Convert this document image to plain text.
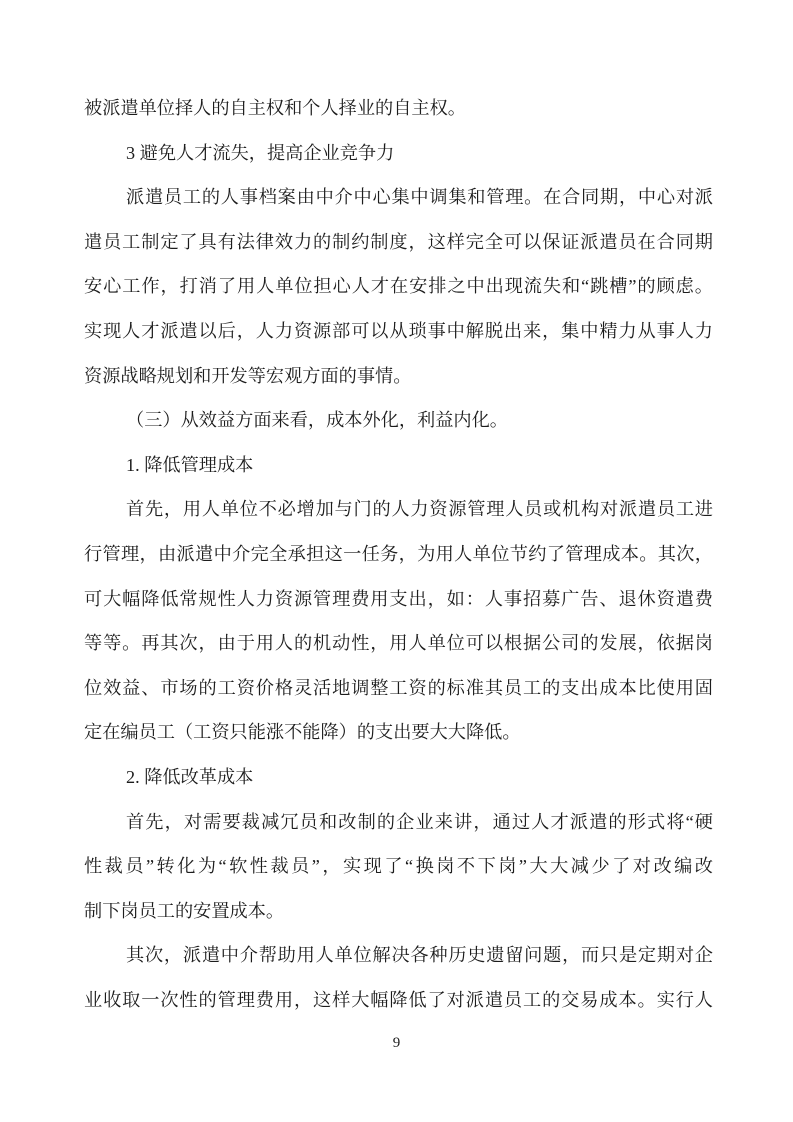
被派遣单位择人的自主权和个人择业的自主权。
3 避免人才流失，提高企业竞争力
派遣员工的人事档案由中介中心集中调集和管理。在合同期，中心对派
遣员工制定了具有法律效力的制约制度，这样完全可以保证派遣员在合同期
安心工作，打消了用人单位担心人才在安排之中出现流失和“跳槽”的顾虑。
实现人才派遣以后，人力资源部可以从琐事中解脱出来，集中精力从事人力
资源战略规划和开发等宏观方面的事情。
（三）从效益方面来看，成本外化，利益内化。
1. 降低管理成本
首先，用人单位不必增加与门的人力资源管理人员或机构对派遣员工进
行管理，由派遣中介完全承担这一任务，为用人单位节约了管理成本。其次，
可大幅降低常规性人力资源管理费用支出，如：人事招募广告、退休资遣费
等等。再其次，由于用人的机动性，用人单位可以根据公司的发展，依据岗
位效益、市场的工资价格灵活地调整工资的标准其员工的支出成本比使用固
定在编员工（工资只能涨不能降）的支出要大大降低。
2. 降低改革成本
首先，对需要裁减冗员和改制的企业来讲，通过人才派遣的形式将“硬
性裁员”转化为“软性裁员”，实现了“换岗不下岗”大大减少了对改编改
制下岗员工的安置成本。
其次，派遣中介帮助用人单位解决各种历史遗留问题，而只是定期对企
业收取一次性的管理费用，这样大幅降低了对派遣员工的交易成本。实行人
9
